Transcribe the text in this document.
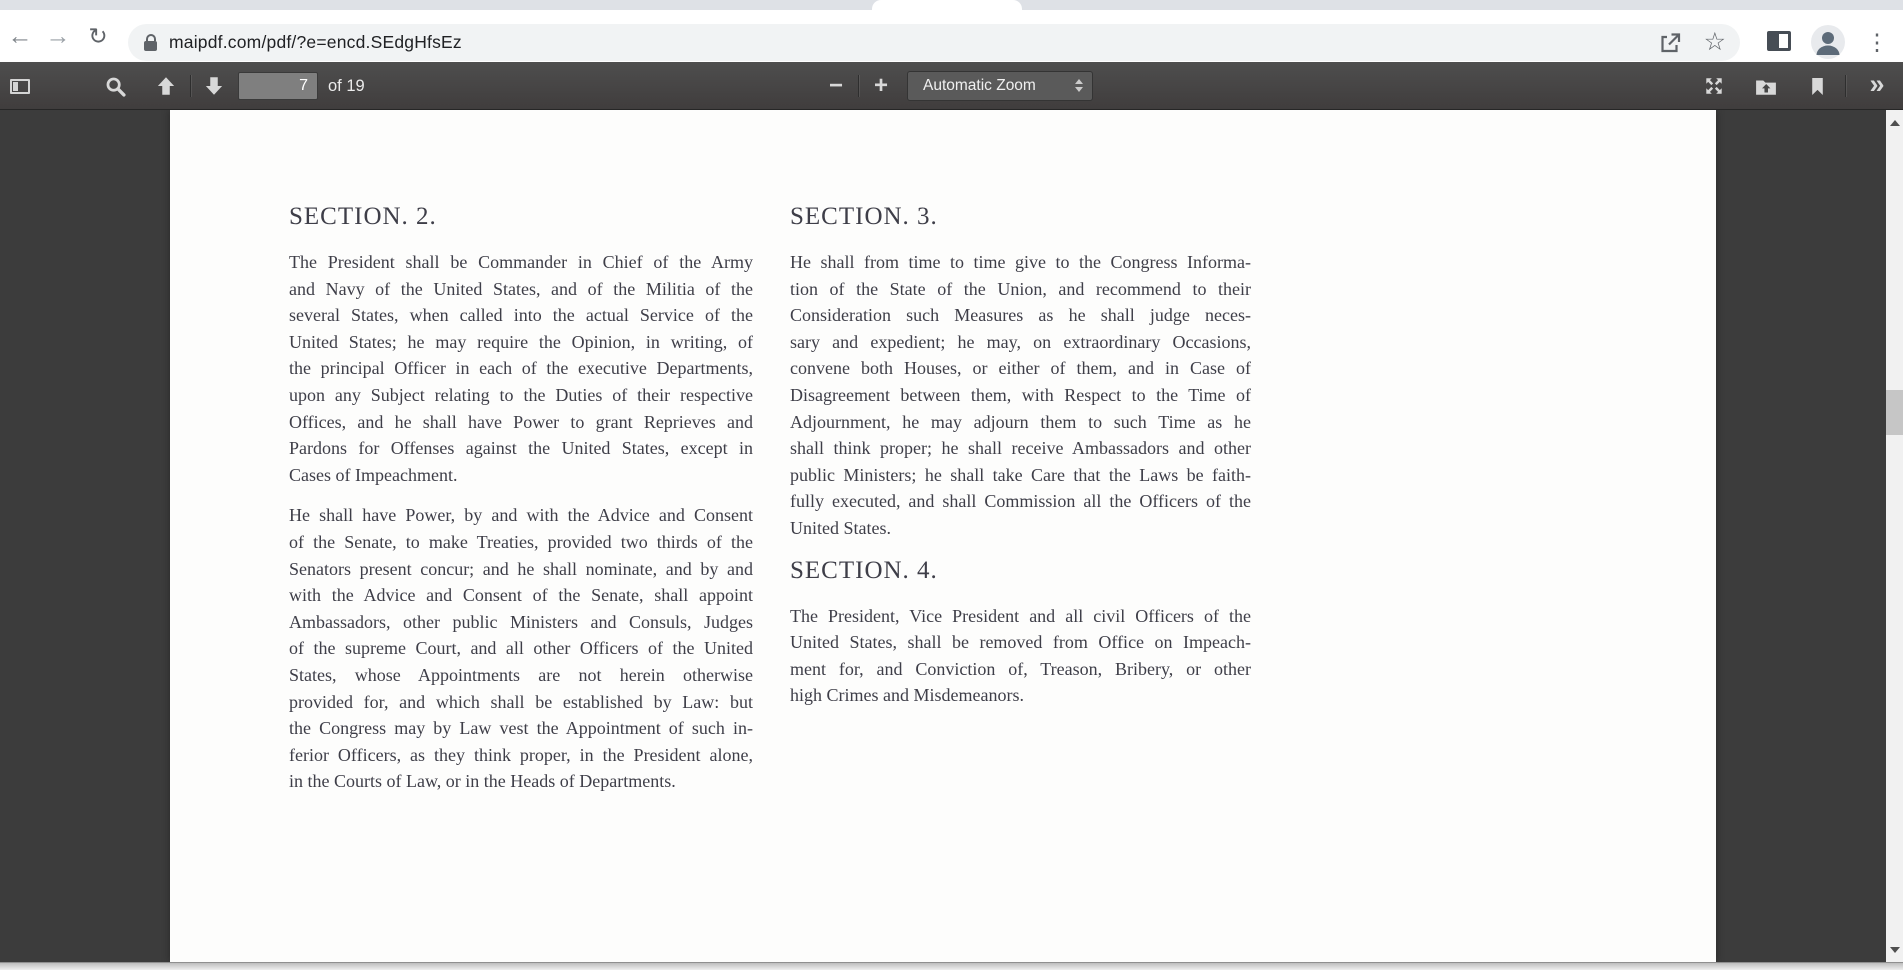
← → ↻	maipdf.com/pdf/?e=encd.SEdgHfsEz	☆	⋮
7
of 19	− + Automatic Zoom	»
SECTION. 2.
The President shall be Commander in Chief of the Army
and Navy of the United States, and of the Militia of the
several States, when called into the actual Service of the
United States; he may require the Opinion, in writing, of
the principal Officer in each of the executive Departments,
upon any Subject relating to the Duties of their respective
Offices, and he shall have Power to grant Reprieves and
Pardons for Offenses against the United States, except in
Cases of Impeachment.
He shall have Power, by and with the Advice and Consent
of the Senate, to make Treaties, provided two thirds of the
Senators present concur; and he shall nominate, and by and
with the Advice and Consent of the Senate, shall appoint
Ambassadors, other public Ministers and Consuls, Judges
of the supreme Court, and all other Officers of the United
States, whose Appointments are not herein otherwise
provided for, and which shall be established by Law: but
the Congress may by Law vest the Appointment of such in-
ferior Officers, as they think proper, in the President alone,
in the Courts of Law, or in the Heads of Departments.
SECTION. 3.
He shall from time to time give to the Congress Informa-
tion of the State of the Union, and recommend to their
Consideration such Measures as he shall judge neces-
sary and expedient; he may, on extraordinary Occasions,
convene both Houses, or either of them, and in Case of
Disagreement between them, with Respect to the Time of
Adjournment, he may adjourn them to such Time as he
shall think proper; he shall receive Ambassadors and other
public Ministers; he shall take Care that the Laws be faith-
fully executed, and shall Commission all the Officers of the
United States.
SECTION. 4.
The President, Vice President and all civil Officers of the
United States, shall be removed from Office on Impeach-
ment for, and Conviction of, Treason, Bribery, or other
high Crimes and Misdemeanors.
